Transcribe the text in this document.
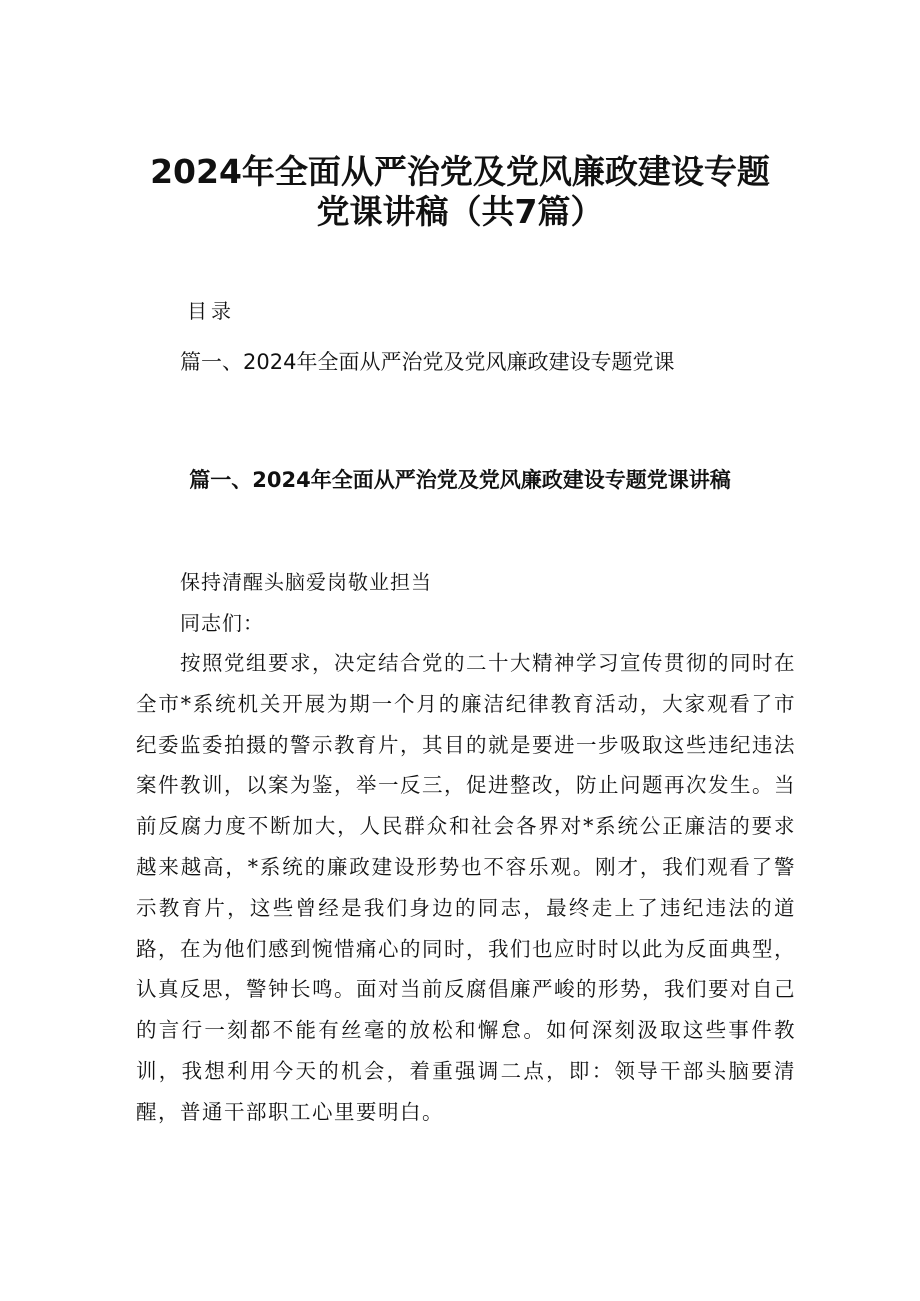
2024年全面从严治党及党风廉政建设专题
党课讲稿（共7篇）
目录
篇一、2024年全面从严治党及党风廉政建设专题党课
篇一、2024年全面从严治党及党风廉政建设专题党课讲稿
保持清醒头脑爱岗敬业担当
同志们：

按照党组要求，决定结合党的二十大精神学习宣传贯彻的同时在全市*系统机关开展为期一个月的廉洁纪律教育活动，大家观看了市纪委监委拍摄的警示教育片，其目的就是要进一步吸取这些违纪违法案件教训，以案为鉴，举一反三，促进整改，防止问题再次发生。当前反腐力度不断加大，人民群众和社会各界对*系统公正廉洁的要求越来越高，*系统的廉政建设形势也不容乐观。刚才，我们观看了警示教育片，这些曾经是我们身边的同志，最终走上了违纪违法的道路，在为他们感到惋惜痛心的同时，我们也应时时以此为反面典型，认真反思，警钟长鸣。面对当前反腐倡廉严峻的形势，我们要对自己的言行一刻都不能有丝毫的放松和懈怠。如何深刻汲取这些事件教训，我想利用今天的机会，着重强调二点，即：领导干部头脑要清醒，普通干部职工心里要明白。
